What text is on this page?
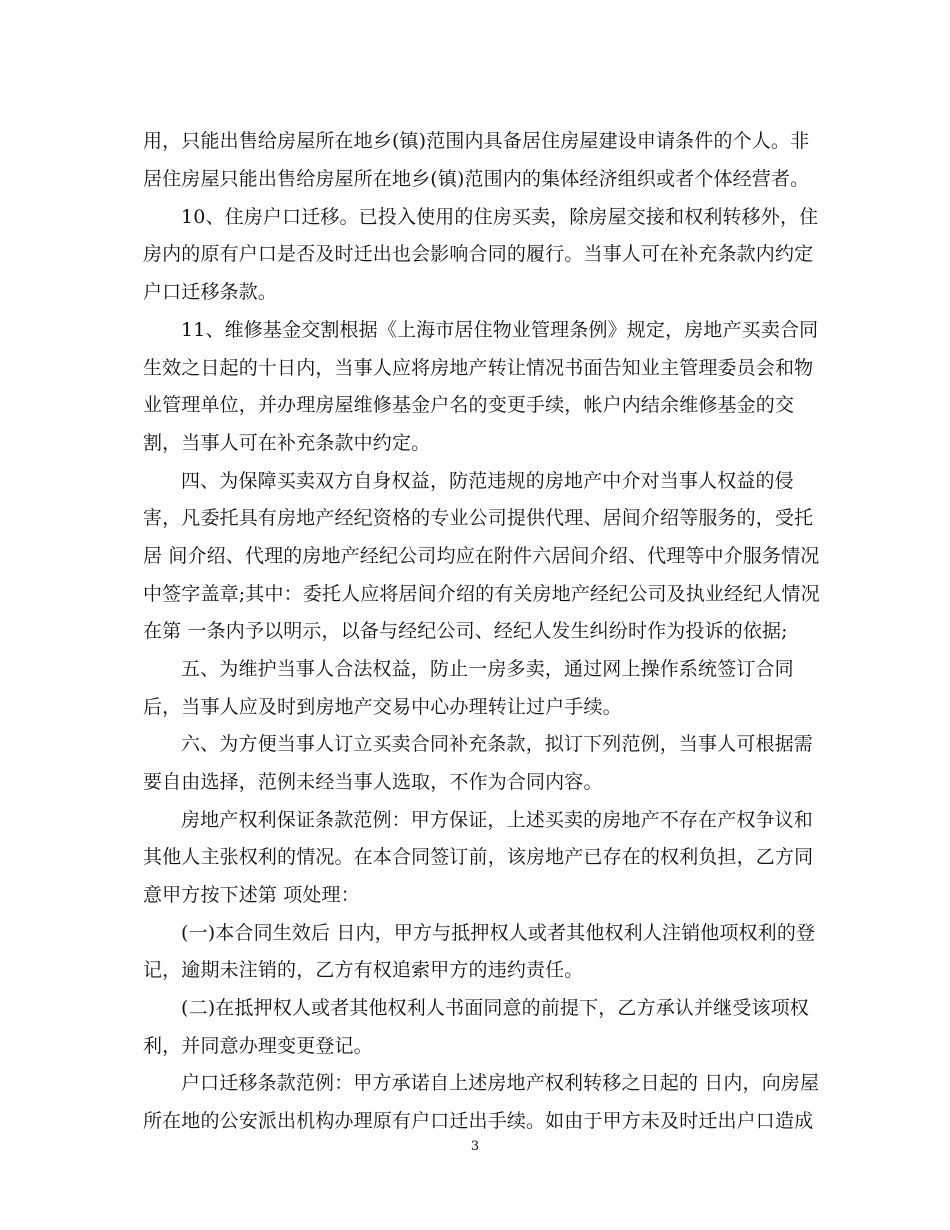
用，只能出售给房屋所在地乡(镇)范围内具备居住房屋建设申请条件的个人。非
居住房屋只能出售给房屋所在地乡(镇)范围内的集体经济组织或者个体经营者。
10、住房户口迁移。已投入使用的住房买卖，除房屋交接和权利转移外，住
房内的原有户口是否及时迁出也会影响合同的履行。当事人可在补充条款内约定
户口迁移条款。
11、维修基金交割根据《上海市居住物业管理条例》规定，房地产买卖合同
生效之日起的十日内，当事人应将房地产转让情况书面告知业主管理委员会和物
业管理单位，并办理房屋维修基金户名的变更手续，帐户内结余维修基金的交
割，当事人可在补充条款中约定。
四、为保障买卖双方自身权益，防范违规的房地产中介对当事人权益的侵
害，凡委托具有房地产经纪资格的专业公司提供代理、居间介绍等服务的，受托
居 间介绍、代理的房地产经纪公司均应在附件六居间介绍、代理等中介服务情况
中签字盖章;其中：委托人应将居间介绍的有关房地产经纪公司及执业经纪人情况
在第 一条内予以明示，以备与经纪公司、经纪人发生纠纷时作为投诉的依据;
五、为维护当事人合法权益，防止一房多卖，通过网上操作系统签订合同
后，当事人应及时到房地产交易中心办理转让过户手续。
六、为方便当事人订立买卖合同补充条款，拟订下列范例，当事人可根据需
要自由选择，范例未经当事人选取，不作为合同内容。
房地产权利保证条款范例：甲方保证，上述买卖的房地产不存在产权争议和
其他人主张权利的情况。在本合同签订前，该房地产已存在的权利负担，乙方同
意甲方按下述第 项处理：
(一)本合同生效后 日内，甲方与抵押权人或者其他权利人注销他项权利的登
记，逾期未注销的，乙方有权追索甲方的违约责任。
(二)在抵押权人或者其他权利人书面同意的前提下，乙方承认并继受该项权
利，并同意办理变更登记。
户口迁移条款范例：甲方承诺自上述房地产权利转移之日起的 日内，向房屋
所在地的公安派出机构办理原有户口迁出手续。如由于甲方未及时迁出户口造成
3
